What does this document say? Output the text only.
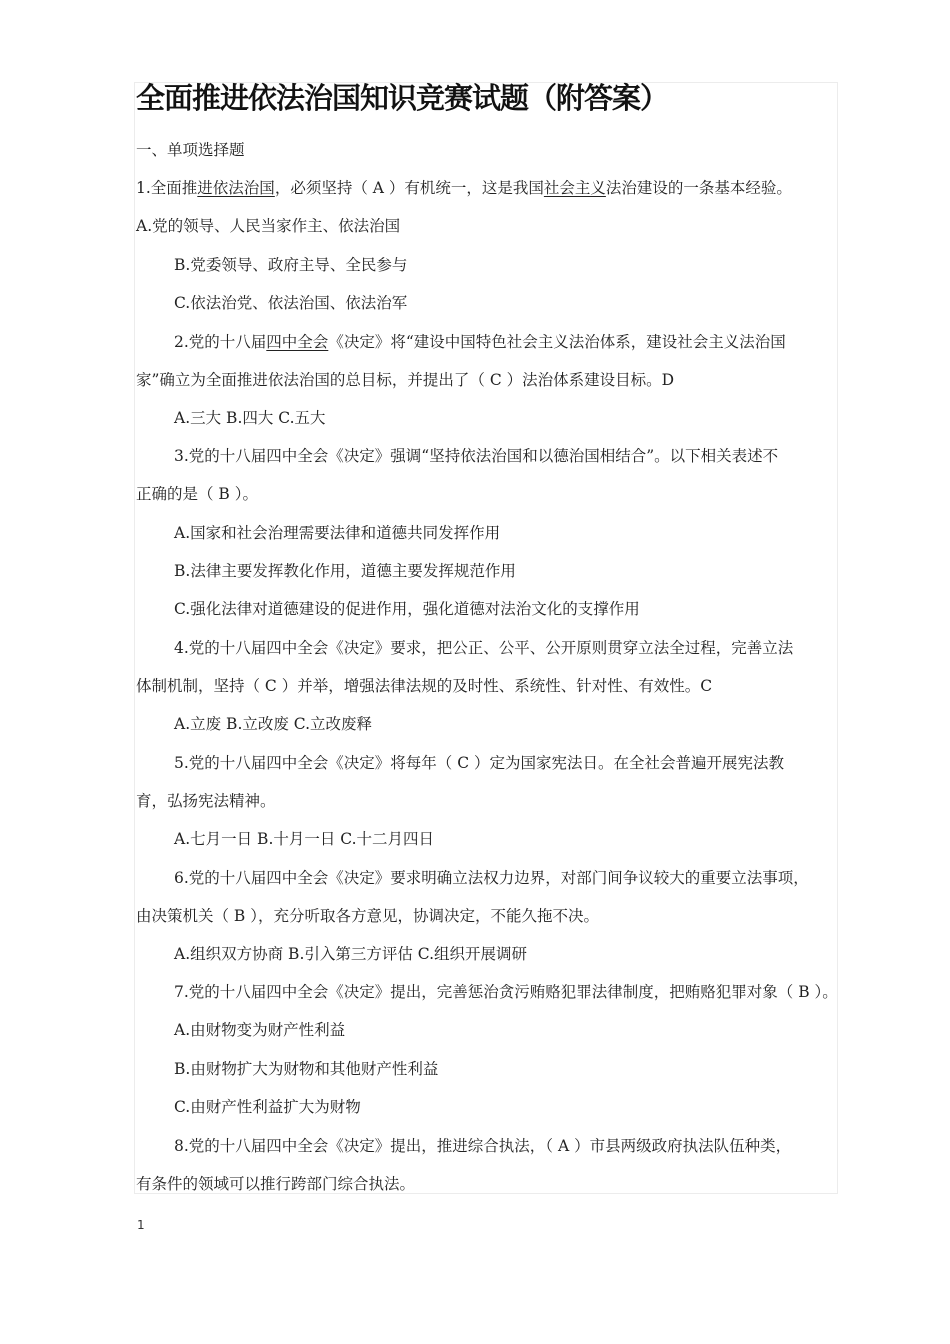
全面推进依法治国知识竞赛试题（附答案）
一、单项选择题
1.全面推进依法治国，必须坚持（ A ）有机统一，这是我国社会主义法治建设的一条基本经验。
A.党的领导、人民当家作主、依法治国
B.党委领导、政府主导、全民参与
C.依法治党、依法治国、依法治军
2.党的十八届四中全会《决定》将“建设中国特色社会主义法治体系，建设社会主义法治国
家”确立为全面推进依法治国的总目标，并提出了（ C ）法治体系建设目标。D
A.三大 B.四大 C.五大
3.党的十八届四中全会《决定》强调“坚持依法治国和以德治国相结合”。以下相关表述不
正确的是（ B ）。
A.国家和社会治理需要法律和道德共同发挥作用
B.法律主要发挥教化作用，道德主要发挥规范作用
C.强化法律对道德建设的促进作用，强化道德对法治文化的支撑作用
4.党的十八届四中全会《决定》要求，把公正、公平、公开原则贯穿立法全过程，完善立法
体制机制，坚持（ C ）并举，增强法律法规的及时性、系统性、针对性、有效性。C
A.立废 B.立改废 C.立改废释
5.党的十八届四中全会《决定》将每年（ C ）定为国家宪法日。在全社会普遍开展宪法教
育，弘扬宪法精神。
A.七月一日 B.十月一日 C.十二月四日
6.党的十八届四中全会《决定》要求明确立法权力边界，对部门间争议较大的重要立法事项，
由决策机关（ B ），充分听取各方意见，协调决定，不能久拖不决。
A.组织双方协商 B.引入第三方评估 C.组织开展调研
7.党的十八届四中全会《决定》提出，完善惩治贪污贿赂犯罪法律制度，把贿赂犯罪对象（ B ）。
A.由财物变为财产性利益
B.由财物扩大为财物和其他财产性利益
C.由财产性利益扩大为财物
8.党的十八届四中全会《决定》提出，推进综合执法，（ A ）市县两级政府执法队伍种类，
有条件的领域可以推行跨部门综合执法。
1
